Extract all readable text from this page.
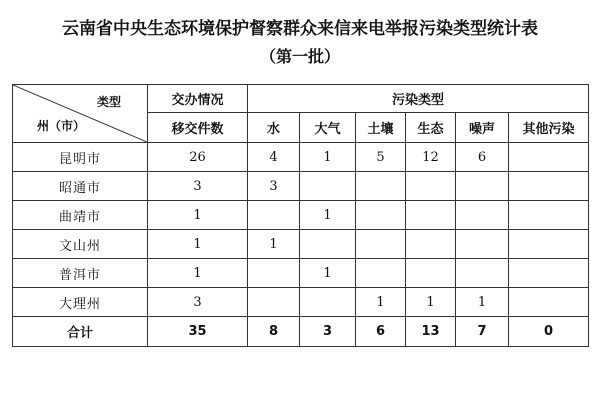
云南省中央生态环境保护督察群众来信来电举报污染类型统计表
（第一批）
类型
州（市）	交办情况	污染类型					
	移交件数	水	大气	土壤	生态	噪声	其他污染
昆明市	26	4	1	5	12	6	
昭通市	3	3					
曲靖市	1		1				
文山州	1	1					
普洱市	1		1				
大理州	3			1	1	1	
合计	35	8	3	6	13	7	0
